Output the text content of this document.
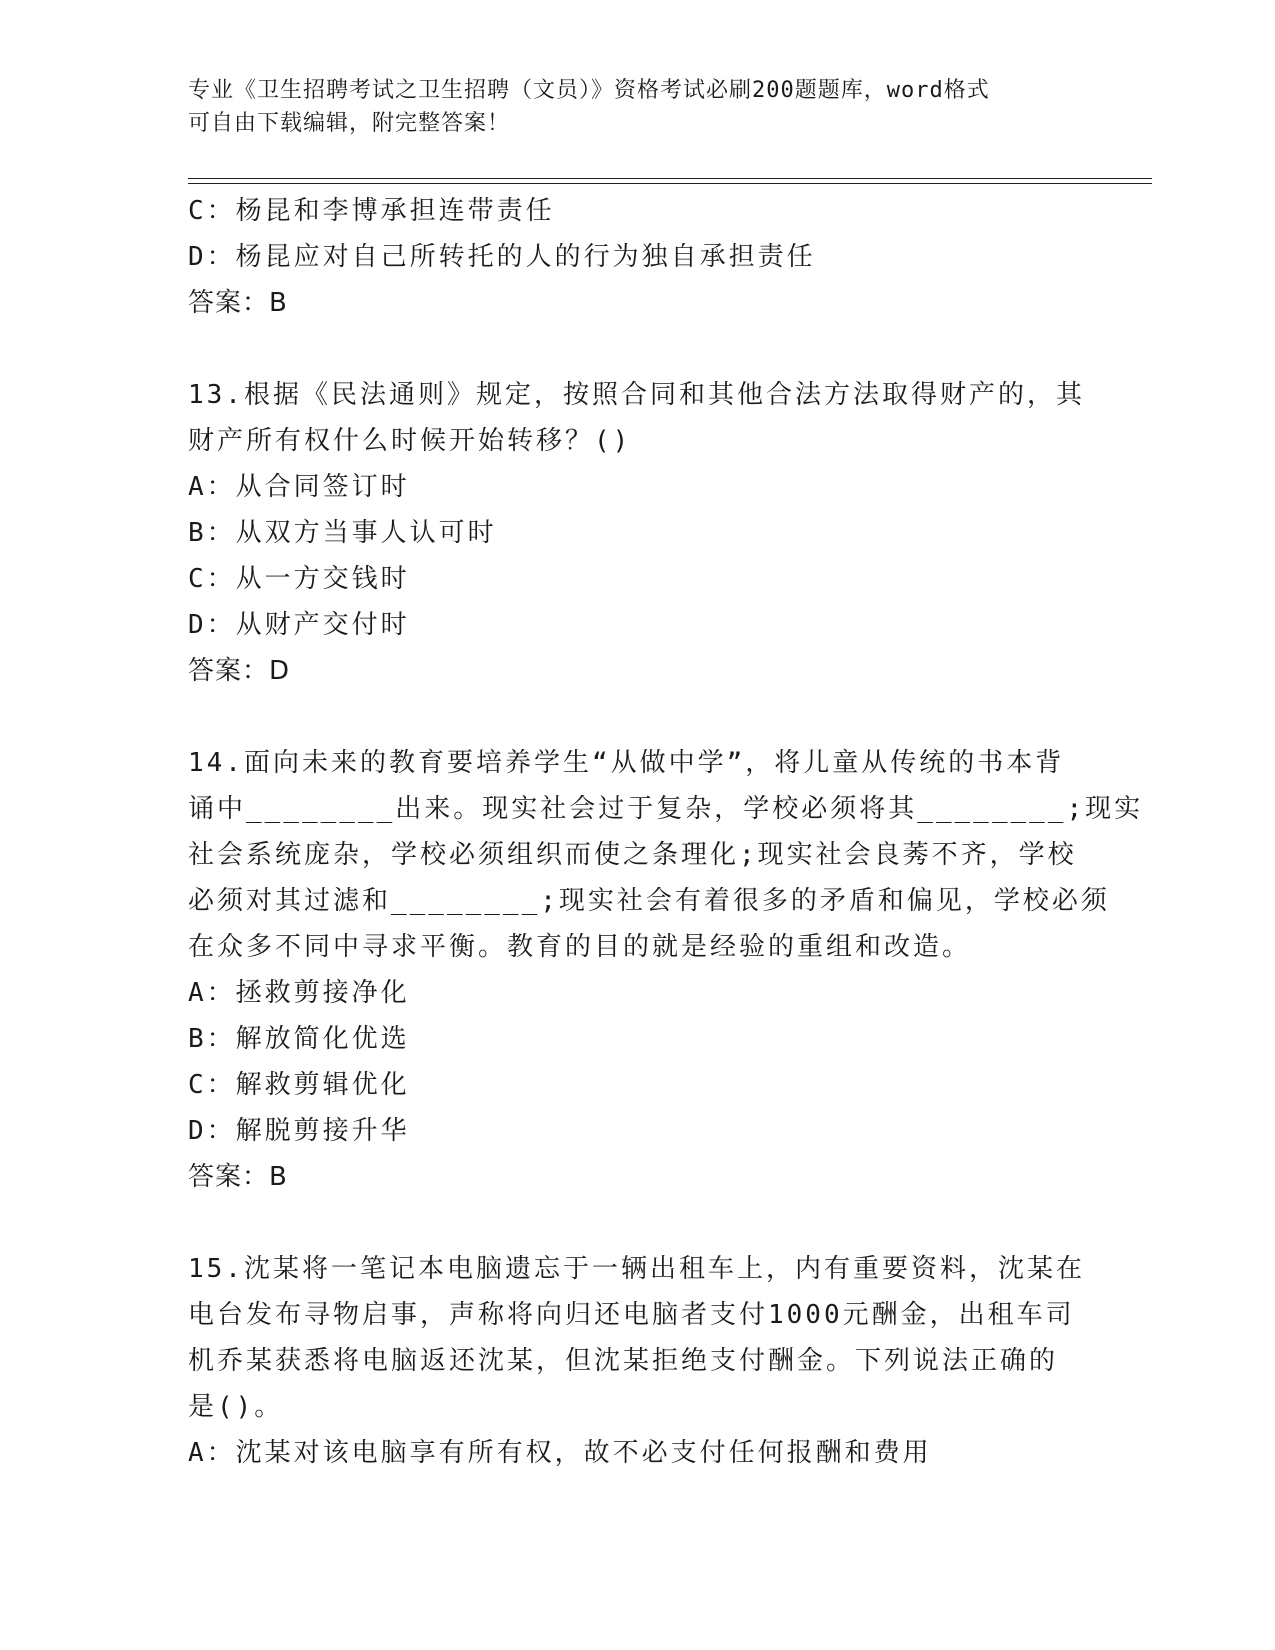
专业《卫生招聘考试之卫生招聘（文员）》资格考试必刷200题题库，word格式
可自由下载编辑，附完整答案！
C：杨昆和李博承担连带责任
D：杨昆应对自己所转托的人的行为独自承担责任
答案：B
13.根据《民法通则》规定，按照合同和其他合法方法取得财产的，其
财产所有权什么时候开始转移？()
A：从合同签订时
B：从双方当事人认可时
C：从一方交钱时
D：从财产交付时
答案：D
14.面向未来的教育要培养学生“从做中学”，将儿童从传统的书本背
诵中________出来。现实社会过于复杂，学校必须将其________;现实
社会系统庞杂，学校必须组织而使之条理化;现实社会良莠不齐，学校
必须对其过滤和________;现实社会有着很多的矛盾和偏见，学校必须
在众多不同中寻求平衡。教育的目的就是经验的重组和改造。
A：拯救剪接净化
B：解放简化优选
C：解救剪辑优化
D：解脱剪接升华
答案：B
15.沈某将一笔记本电脑遗忘于一辆出租车上，内有重要资料，沈某在
电台发布寻物启事，声称将向归还电脑者支付1000元酬金，出租车司
机乔某获悉将电脑返还沈某，但沈某拒绝支付酬金。下列说法正确的
是()。
A：沈某对该电脑享有所有权，故不必支付任何报酬和费用
